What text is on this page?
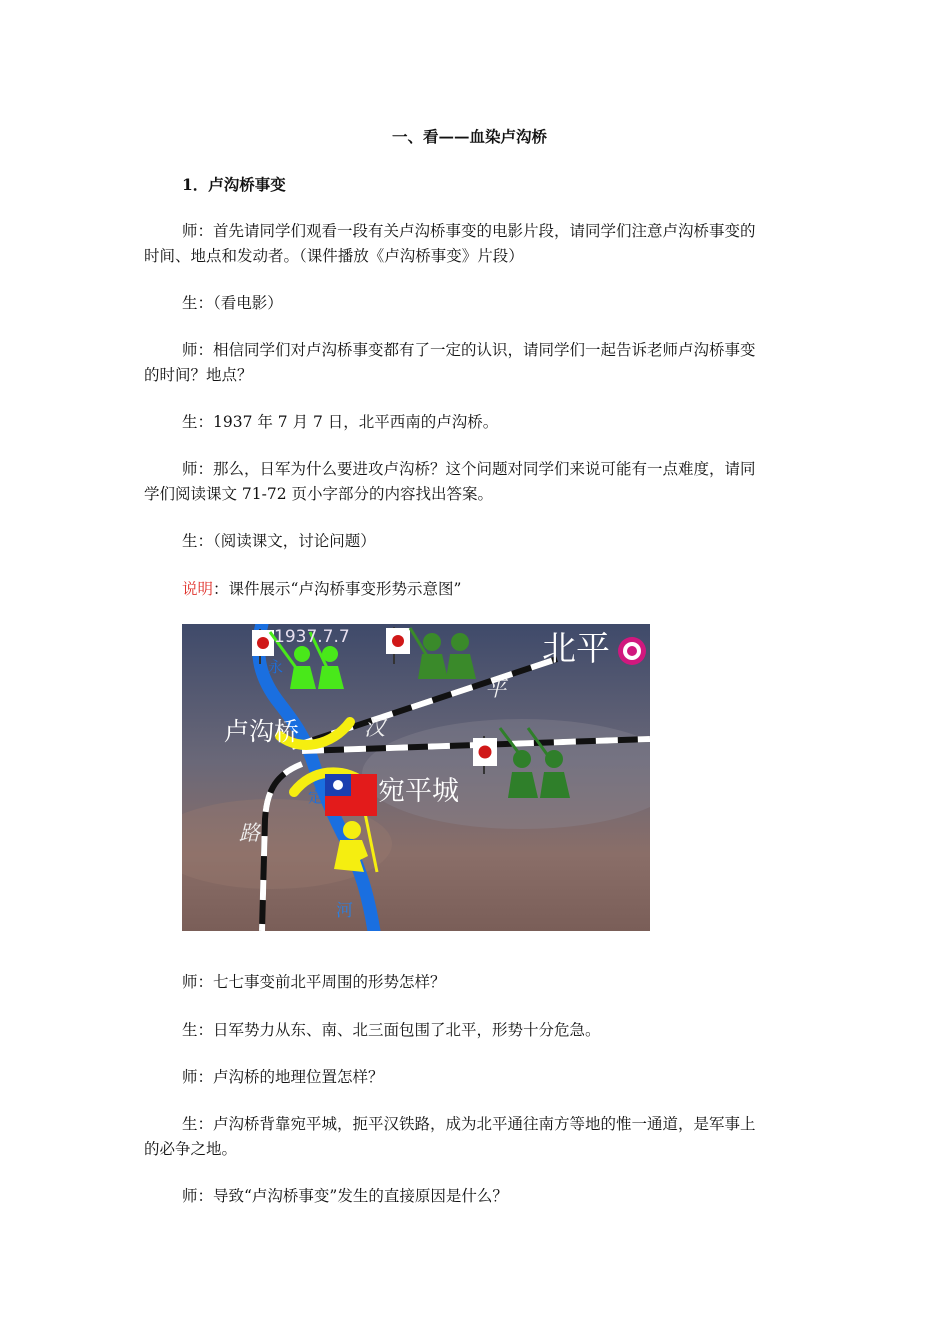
一、看——血染卢沟桥
1．卢沟桥事变
师：首先请同学们观看一段有关卢沟桥事变的电影片段，请同学们注意卢沟桥事变的
时间、地点和发动者。（课件播放《卢沟桥事变》片段）
生：（看电影）
师：相信同学们对卢沟桥事变都有了一定的认识，请同学们一起告诉老师卢沟桥事变
的时间？地点？
生：1937 年 7 月 7 日，北平西南的卢沟桥。
师：那么，日军为什么要进攻卢沟桥？这个问题对同学们来说可能有一点难度，请同
学们阅读课文 71-72 页小字部分的内容找出答案。
生：（阅读课文，讨论问题）
说明：课件展示“卢沟桥事变形势示意图”
1937.7.7	北平
卢沟桥
宛平城
平
汉
路
永
定
河
师：七七事变前北平周围的形势怎样？
生：日军势力从东、南、北三面包围了北平，形势十分危急。
师：卢沟桥的地理位置怎样？
生：卢沟桥背靠宛平城，扼平汉铁路，成为北平通往南方等地的惟一通道，是军事上
的必争之地。
师：导致“卢沟桥事变”发生的直接原因是什么？
